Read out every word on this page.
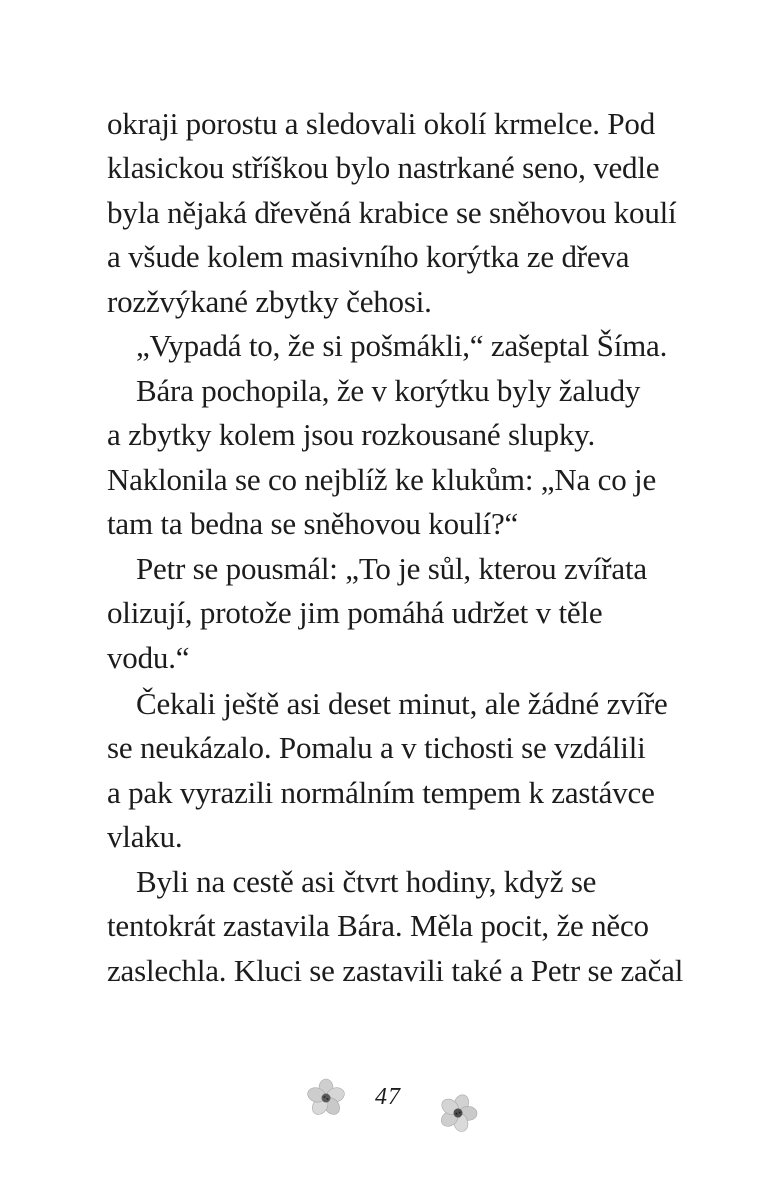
okraji porostu a sledovali okolí krmelce. Pod
klasickou stříškou bylo nastrkané seno, vedle
byla nějaká dřevěná krabice se sněhovou koulí
a všude kolem masivního korýtka ze dřeva
rozžvýkané zbytky čehosi.
„Vypadá to, že si pošmákli,“ zašeptal Šíma.
Bára pochopila, že v korýtku byly žaludy
a zbytky kolem jsou rozkousané slupky.
Naklonila se co nejblíž ke klukům: „Na co je
tam ta bedna se sněhovou koulí?“
Petr se pousmál: „To je sůl, kterou zvířata
olizují, protože jim pomáhá udržet v těle
vodu.“
Čekali ještě asi deset minut, ale žádné zvíře
se neukázalo. Pomalu a v tichosti se vzdálili
a pak vyrazili normálním tempem k zastávce
vlaku.
Byli na cestě asi čtvrt hodiny, když se
tentokrát zastavila Bára. Měla pocit, že něco
zaslechla. Kluci se zastavili také a Petr se začal
47
